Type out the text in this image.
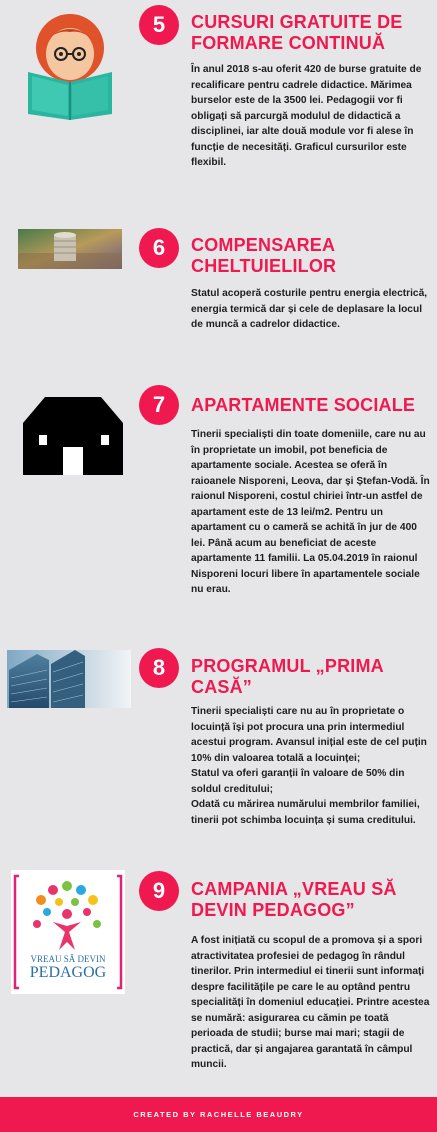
5	CURSURI GRATUITE DE FORMARE CONTINUĂ
În anul 2018 s-au oferit 420 de burse gratuite de recalificare pentru cadrele didactice. Mărimea burselor este de la 3500 lei. Pedagogii vor fi obligați să parcurgă modulul de didactică a disciplinei, iar alte două module vor fi alese în funcție de necesități. Graficul cursurilor este flexibil.
6	COMPENSAREA CHELTUIELILOR
Statul acoperă costurile pentru energia electrică, energia termică dar și cele de deplasare la locul de muncă a cadrelor didactice.
7	APARTAMENTE SOCIALE
Tinerii specialiști din toate domeniile, care nu au în proprietate un imobil, pot beneficia de apartamente sociale. Acestea se oferă în raioanele Nisporeni, Leova, dar și Ștefan-Vodă. În raionul Nisporeni, costul chiriei într-un astfel de apartament este de 13 lei/m2. Pentru un apartament cu o cameră se achită în jur de 400 lei. Până acum au beneficiat de aceste apartamente 11 familii. La 05.04.2019 în raionul Nisporeni locuri libere în apartamentele sociale nu erau.
8	PROGRAMUL „PRIMA CASĂ”
Tinerii specialiști care nu au în proprietate o locuință își pot procura una prin intermediul acestui program. Avansul inițial este de cel puțin 10% din valoarea totală a locuinței;
Statul va oferi garanții în valoare de 50% din soldul creditului;
Odată cu mărirea numărului membrilor familiei, tinerii pot schimba locuința și suma creditului.
VREAU SĂ DEVIN
PEDAGOG
9	CAMPANIA „VREAU SĂ DEVIN PEDAGOG”
A fost inițiată cu scopul de a promova și a spori atractivitatea profesiei de pedagog în rândul tinerilor. Prin intermediul ei tinerii sunt informați despre facilitățile pe care le au optând pentru specialități în domeniul educației. Printre acestea se numără: asigurarea cu cămin pe toată perioada de studii; burse mai mari; stagii de practică, dar și angajarea garantată în câmpul muncii.
CREATED BY RACHELLE BEAUDRY
